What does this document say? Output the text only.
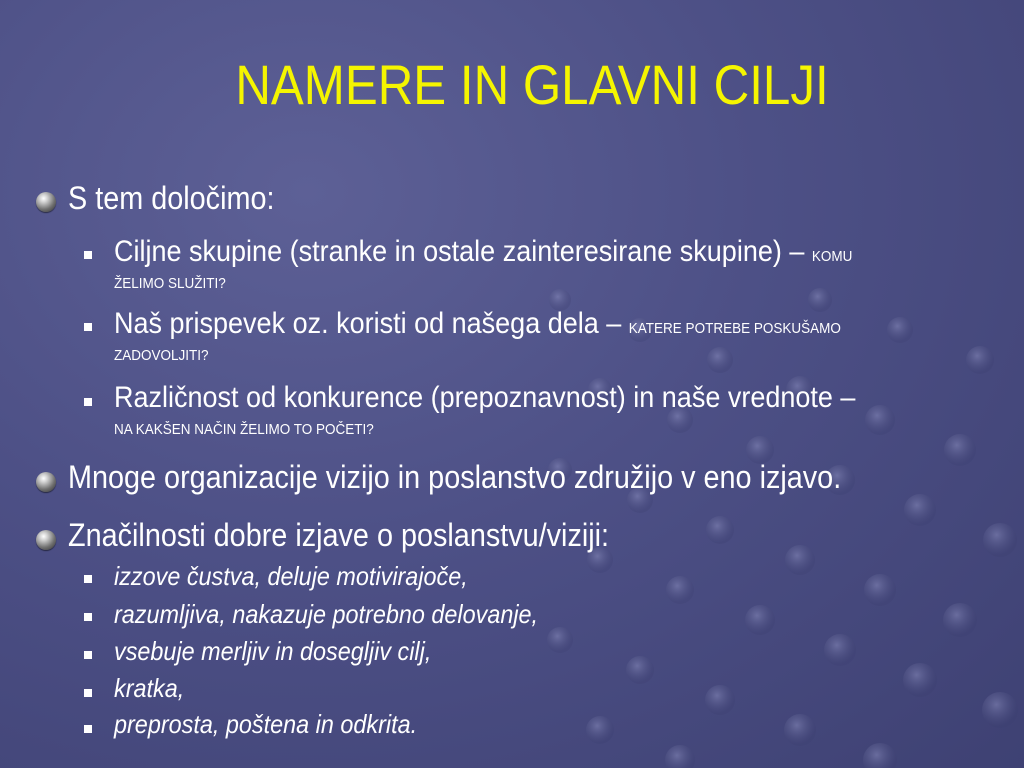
NAMERE IN GLAVNI CILJI
S tem določimo:
Ciljne skupine (stranke in ostale zainteresirane skupine) – KOMU
ŽELIMO SLUŽITI?
Naš prispevek oz. koristi od našega dela – KATERE POTREBE POSKUŠAMO
ZADOVOLJITI?
Različnost od konkurence (prepoznavnost) in naše vrednote –
NA KAKŠEN NAČIN ŽELIMO TO POČETI?
Mnoge organizacije vizijo in poslanstvo združijo v eno izjavo.
Značilnosti dobre izjave o poslanstvu/viziji:
izzove čustva, deluje motivirajoče,
razumljiva, nakazuje potrebno delovanje,
vsebuje merljiv in dosegljiv cilj,
kratka,
preprosta, poštena in odkrita.
